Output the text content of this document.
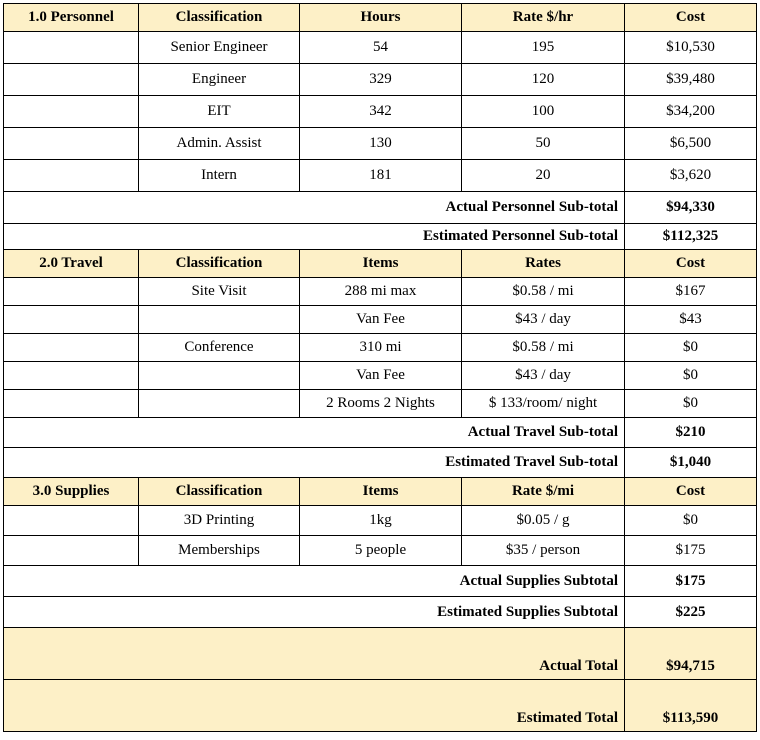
1.0 Personnel	Classification	Hours	Rate $/hr	Cost
	Senior Engineer	54	195	$10,530
	Engineer	329	120	$39,480
	EIT	342	100	$34,200
	Admin. Assist	130	50	$6,500
	Intern	181	20	$3,620
Actual Personnel Sub-total				$94,330
Estimated Personnel Sub-total				$112,325
2.0 Travel	Classification	Items	Rates	Cost
	Site Visit	288 mi max	$0.58 / mi	$167
		Van Fee	$43 / day	$43
	Conference	310 mi	$0.58 / mi	$0
		Van Fee	$43 / day	$0
		2 Rooms 2 Nights	$ 133/room/ night	$0
Actual Travel Sub-total				$210
Estimated Travel Sub-total				$1,040
3.0 Supplies	Classification	Items	Rate $/mi	Cost
	3D Printing	1kg	$0.05 / g	$0
	Memberships	5 people	$35 / person	$175
Actual Supplies Subtotal				$175
Estimated Supplies Subtotal				$225
Actual Total				$94,715
Estimated Total				$113,590
